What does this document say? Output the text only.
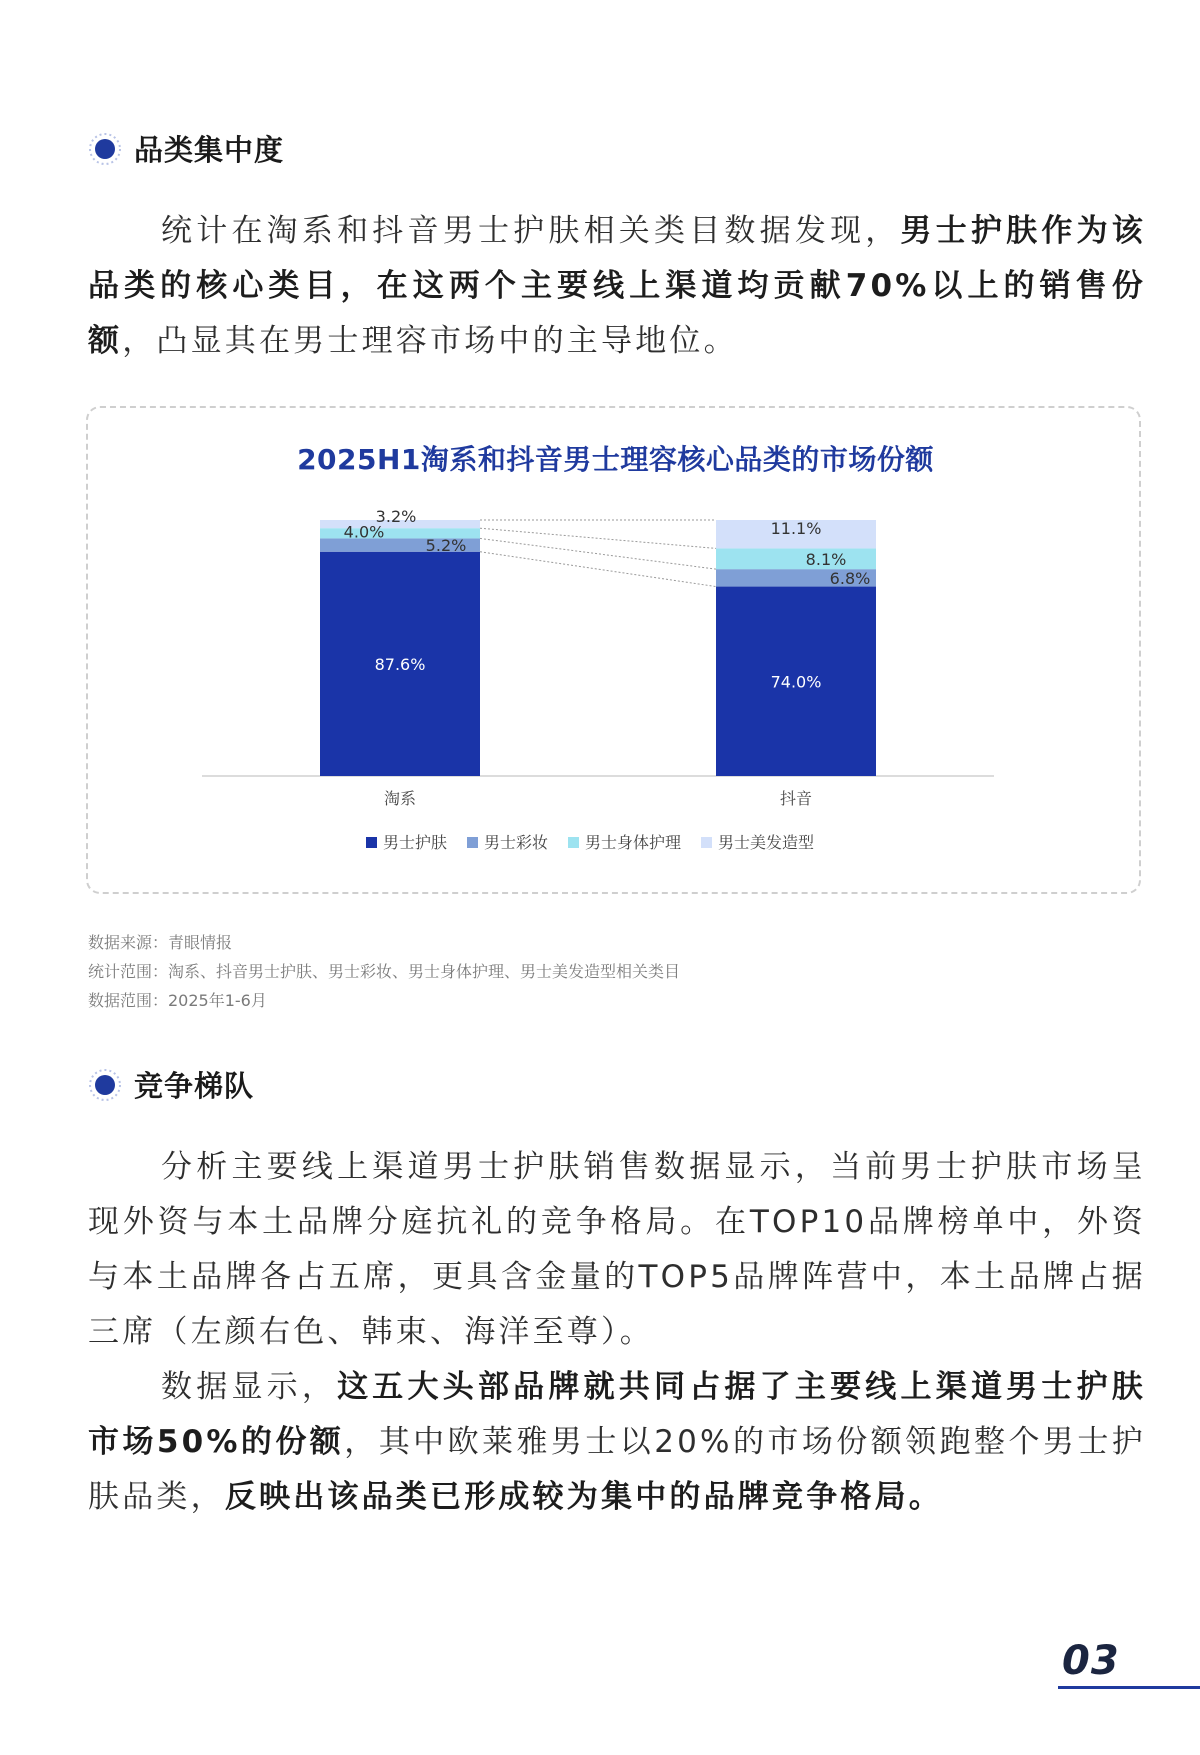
品类集中度

统计在淘系和抖音男士护肤相关类目数据发现，男士护肤作为该品类的核心类目，在这两个主要线上渠道均贡献70%以上的销售份额，凸显其在男士理容市场中的主导地位。

2025H1淘系和抖音男士理容核心品类的市场份额
淘系	抖音
87.6%
5.2%
4.0%
3.2%
74.0%
6.8%
8.1%
11.1%
男士护肤 男士彩妆 男士身体护理 男士美发造型
数据来源：青眼情报
统计范围：淘系、抖音男士护肤、男士彩妆、男士身体护理、男士美发造型相关类目
数据范围：2025年1-6月
竞争梯队

分析主要线上渠道男士护肤销售数据显示，当前男士护肤市场呈现外资与本土品牌分庭抗礼的竞争格局。在TOP10品牌榜单中，外资与本土品牌各占五席，更具含金量的TOP5品牌阵营中，本土品牌占据三席（左颜右色、韩束、海洋至尊）。

数据显示，这五大头部品牌就共同占据了主要线上渠道男士护肤市场50%的份额，其中欧莱雅男士以20%的市场份额领跑整个男士护肤品类，反映出该品类已形成较为集中的品牌竞争格局。

03
